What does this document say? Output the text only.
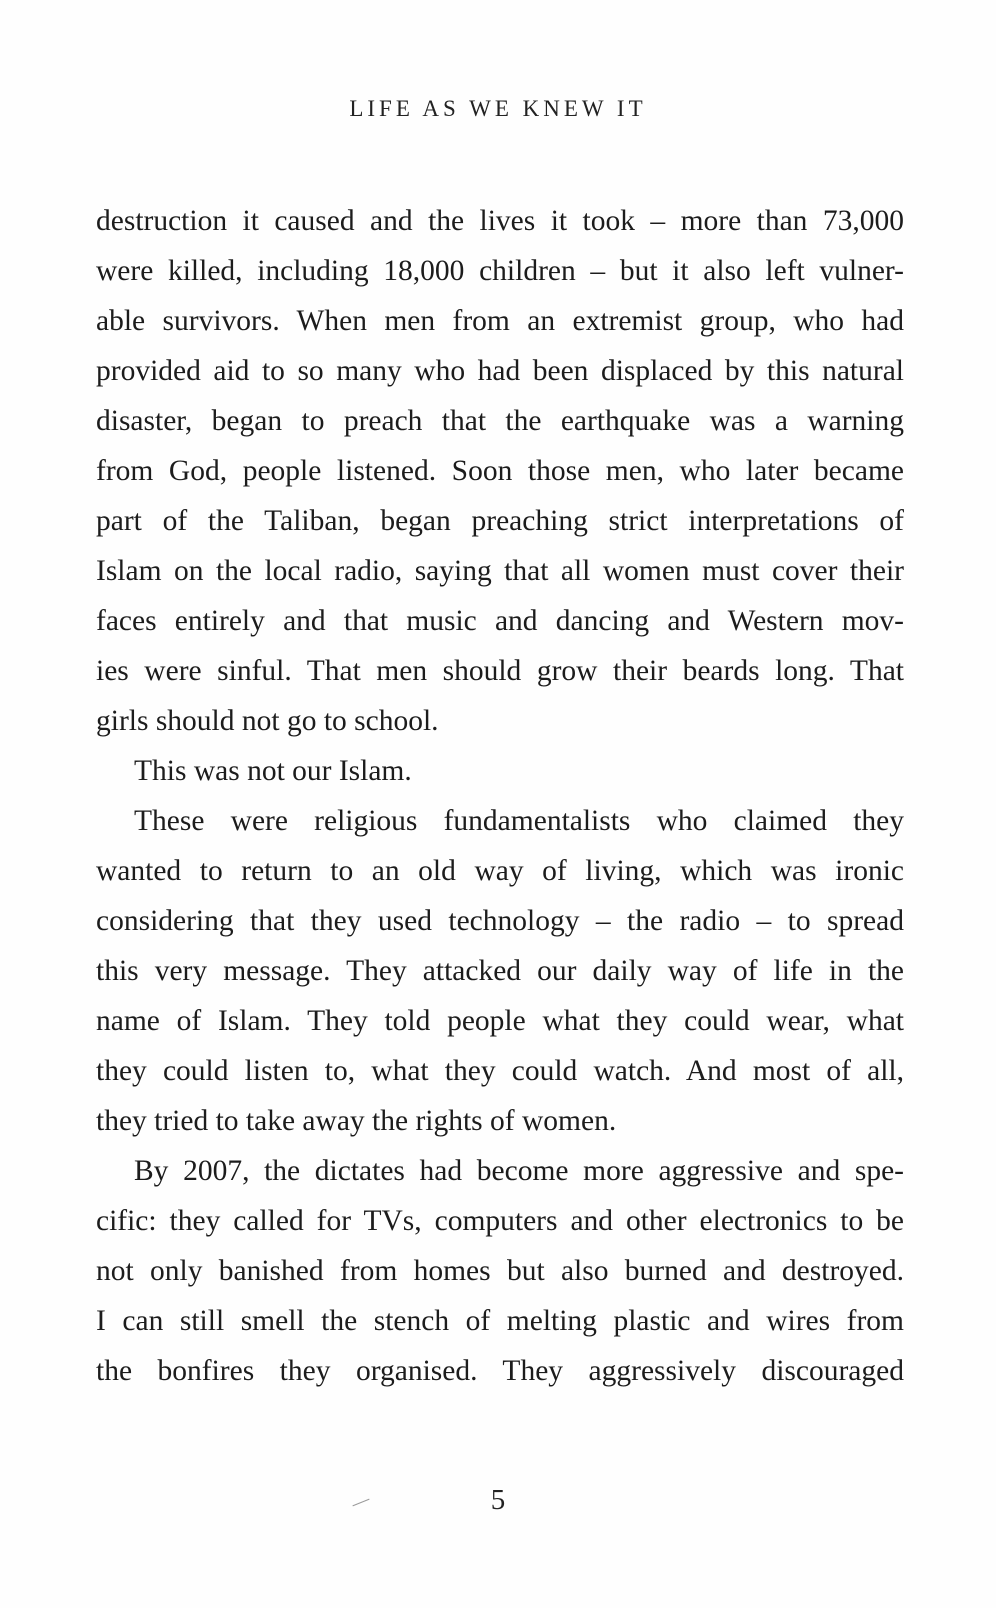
LIFE AS WE KNEW IT
destruction it caused and the lives it took – more than 73,000
were killed, including 18,000 children – but it also left vulner-
able survivors. When men from an extremist group, who had
provided aid to so many who had been displaced by this natural
disaster, began to preach that the earthquake was a warning
from God, people listened. Soon those men, who later became
part of the Taliban, began preaching strict interpretations of
Islam on the local radio, saying that all women must cover their
faces entirely and that music and dancing and Western mov-
ies were sinful. That men should grow their beards long. That
girls should not go to school.
This was not our Islam.
These were religious fundamentalists who claimed they
wanted to return to an old way of living, which was ironic
considering that they used technology – the radio – to spread
this very message. They attacked our daily way of life in the
name of Islam. They told people what they could wear, what
they could listen to, what they could watch. And most of all,
they tried to take away the rights of women.
By 2007, the dictates had become more aggressive and spe-
cific: they called for TVs, computers and other electronics to be
not only banished from homes but also burned and destroyed.
I can still smell the stench of melting plastic and wires from
the bonfires they organised. They aggressively discouraged
5
